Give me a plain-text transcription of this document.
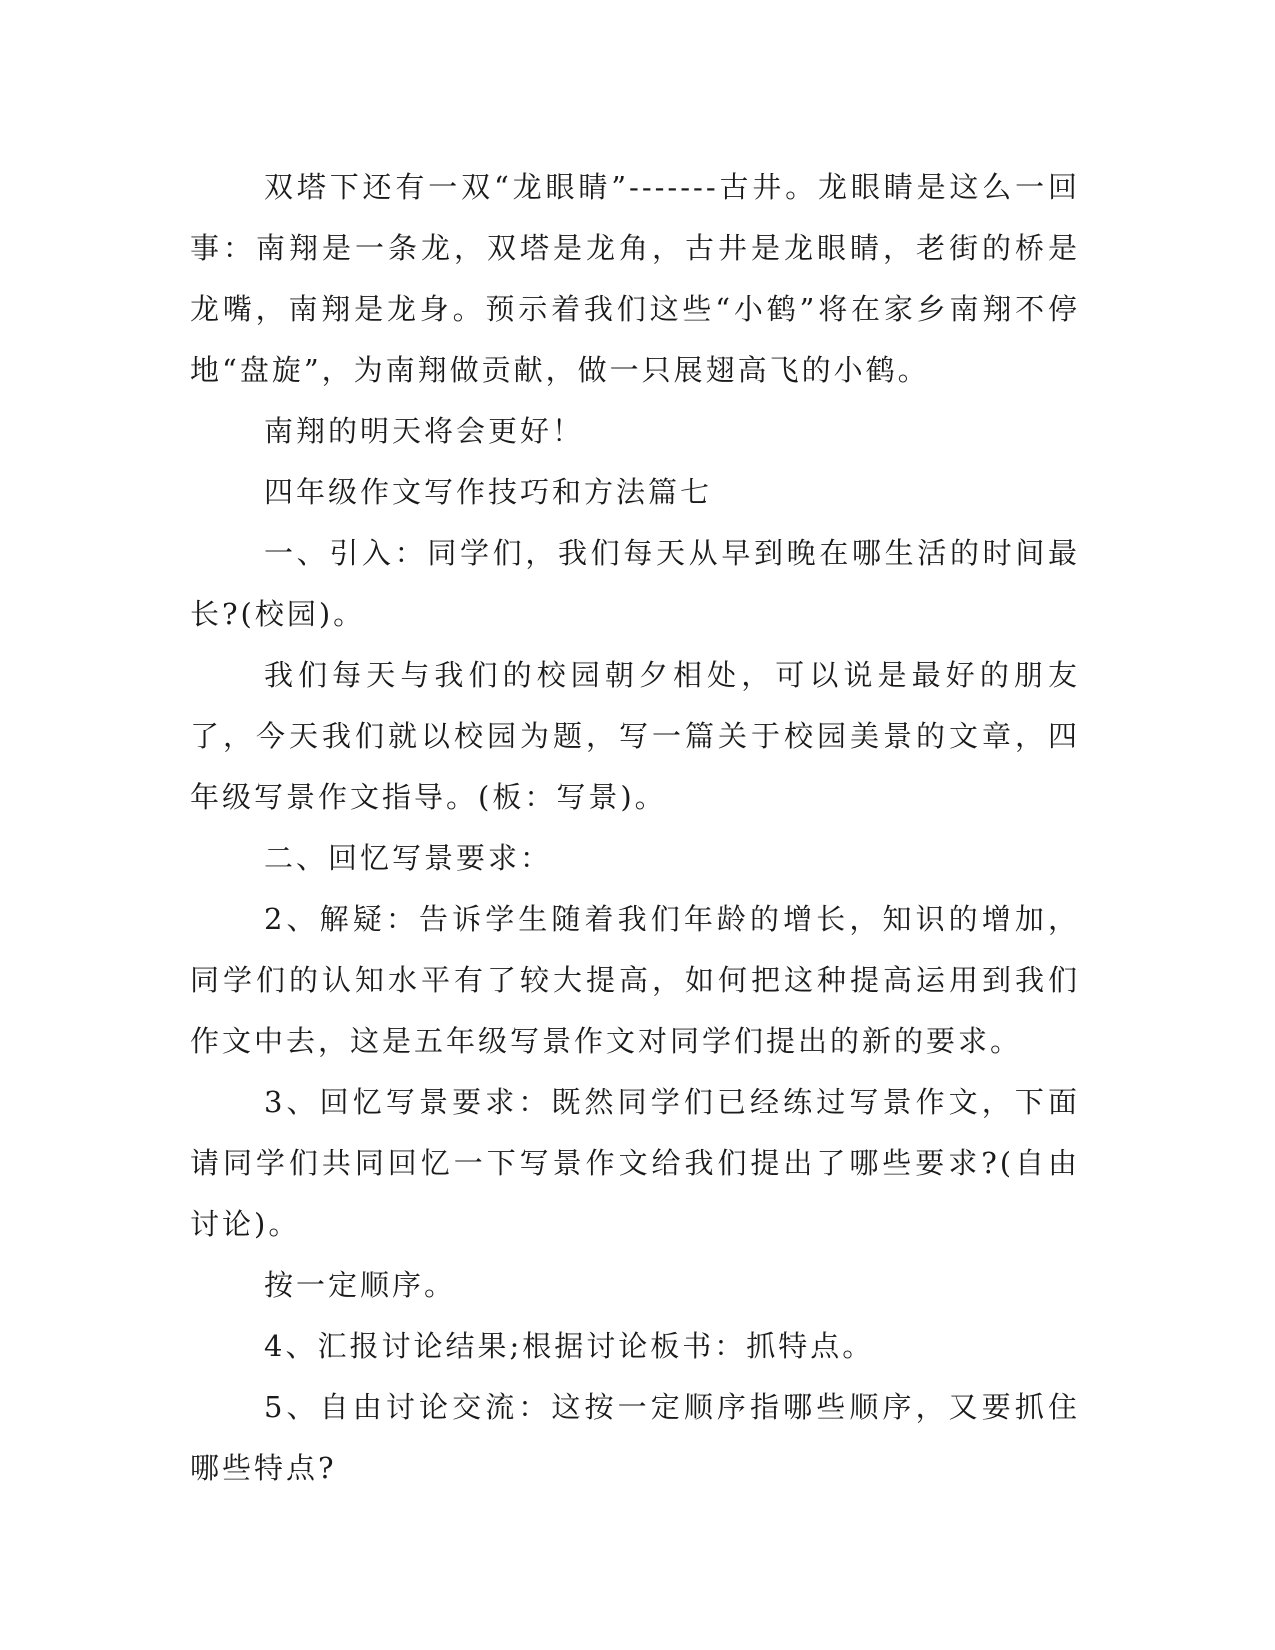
双塔下还有一双“龙眼睛”-------古井。龙眼睛是这么一回事：南翔是一条龙，双塔是龙角，古井是龙眼睛，老街的桥是龙嘴，南翔是龙身。预示着我们这些“小鹤”将在家乡南翔不停地“盘旋”，为南翔做贡献，做一只展翅高飞的小鹤。

南翔的明天将会更好！

四年级作文写作技巧和方法篇七

一、引入：同学们，我们每天从早到晚在哪生活的时间最长?(校园)。

我们每天与我们的校园朝夕相处，可以说是最好的朋友了，今天我们就以校园为题，写一篇关于校园美景的文章，四年级写景作文指导。(板：写景)。

二、回忆写景要求：

2、解疑：告诉学生随着我们年龄的增长，知识的增加，同学们的认知水平有了较大提高，如何把这种提高运用到我们作文中去，这是五年级写景作文对同学们提出的新的要求。

3、回忆写景要求：既然同学们已经练过写景作文，下面请同学们共同回忆一下写景作文给我们提出了哪些要求?(自由讨论)。

按一定顺序。

4、汇报讨论结果;根据讨论板书：抓特点。

5、自由讨论交流：这按一定顺序指哪些顺序，又要抓住哪些特点?
